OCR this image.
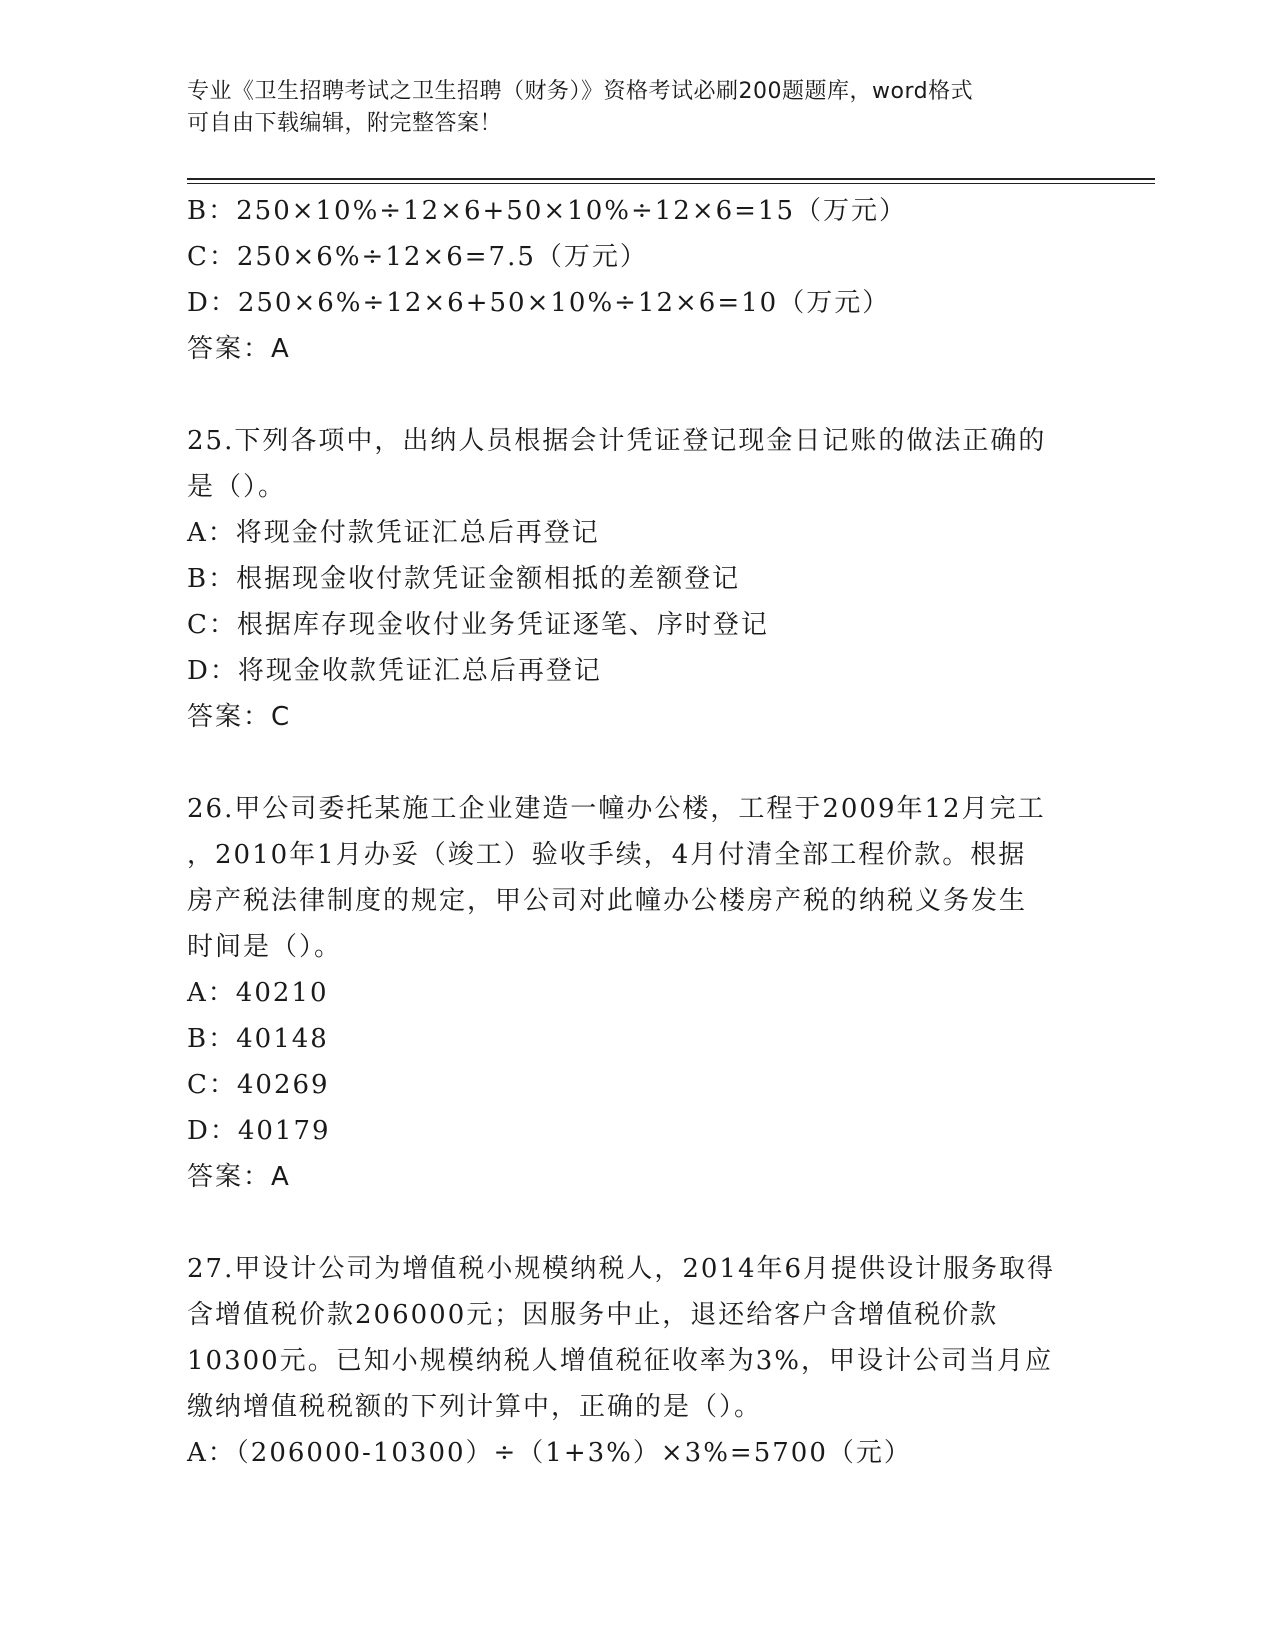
专业《卫生招聘考试之卫生招聘（财务）》资格考试必刷200题题库，word格式
可自由下载编辑，附完整答案！
B：250×10%÷12×6+50×10%÷12×6=15（万元）
C：250×6%÷12×6=7.5（万元）
D：250×6%÷12×6+50×10%÷12×6=10（万元）
答案：A
25.下列各项中，出纳人员根据会计凭证登记现金日记账的做法正确的
是（）。
A：将现金付款凭证汇总后再登记
B：根据现金收付款凭证金额相抵的差额登记
C：根据库存现金收付业务凭证逐笔、序时登记
D：将现金收款凭证汇总后再登记
答案：C
26.甲公司委托某施工企业建造一幢办公楼，工程于2009年12月完工
，2010年1月办妥（竣工）验收手续，4月付清全部工程价款。根据
房产税法律制度的规定，甲公司对此幢办公楼房产税的纳税义务发生
时间是（）。
A：40210
B：40148
C：40269
D：40179
答案：A
27.甲设计公司为增值税小规模纳税人，2014年6月提供设计服务取得
含增值税价款206000元；因服务中止，退还给客户含增值税价款
10300元。已知小规模纳税人增值税征收率为3%，甲设计公司当月应
缴纳增值税税额的下列计算中，正确的是（）。
A：（206000-10300）÷（1+3%）×3%=5700（元）
